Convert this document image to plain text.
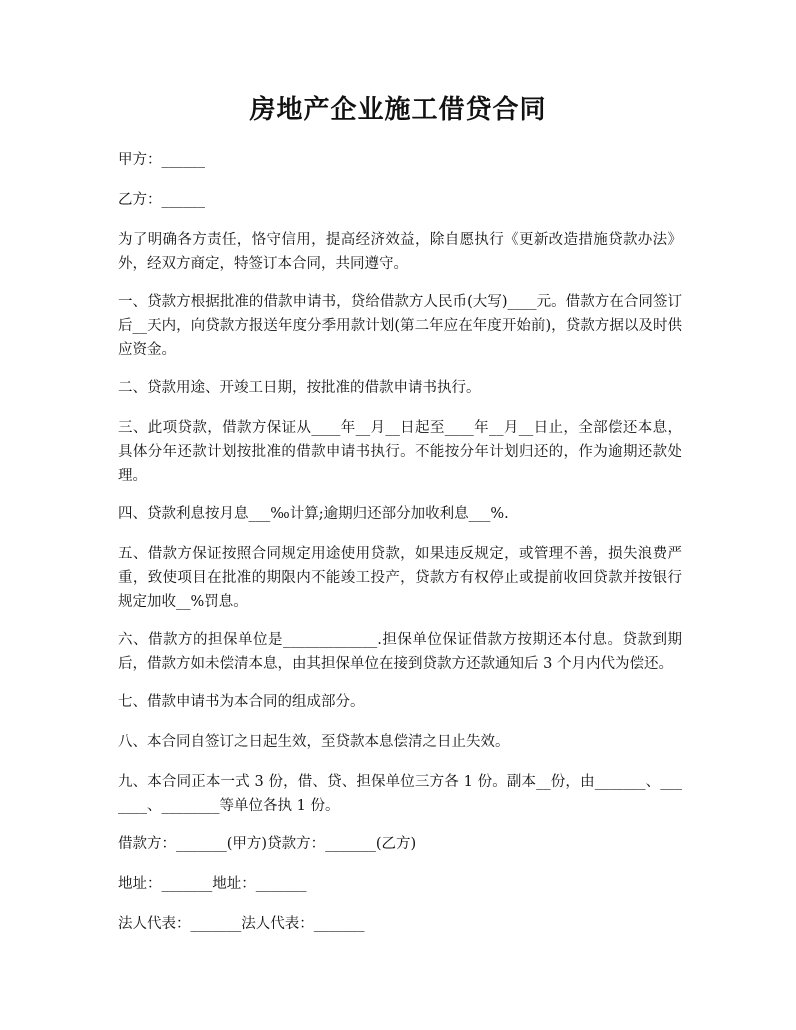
房地产企业施工借贷合同

甲方：______

乙方：______

为了明确各方责任，恪守信用，提高经济效益，除自愿执行《更新改造措施贷款办法》外，经双方商定，特签订本合同，共同遵守。

一、贷款方根据批准的借款申请书，贷给借款方人民币(大写)____元。借款方在合同签订后__天内，向贷款方报送年度分季用款计划(第二年应在年度开始前)，贷款方据以及时供应资金。

二、贷款用途、开竣工日期，按批准的借款申请书执行。

三、此项贷款，借款方保证从____年__月__日起至____年__月__日止，全部偿还本息，具体分年还款计划按批准的借款申请书执行。不能按分年计划归还的，作为逾期还款处理。

四、贷款利息按月息___‰计算;逾期归还部分加收利息___%.

五、借款方保证按照合同规定用途使用贷款，如果违反规定，或管理不善，损失浪费严重，致使项目在批准的期限内不能竣工投产，贷款方有权停止或提前收回贷款并按银行规定加收__%罚息。

六、借款方的担保单位是_____________.担保单位保证借款方按期还本付息。贷款到期后，借款方如未偿清本息，由其担保单位在接到贷款方还款通知后 3 个月内代为偿还。

七、借款申请书为本合同的组成部分。

八、本合同自签订之日起生效，至贷款本息偿清之日止失效。

九、本合同正本一式 3 份，借、贷、担保单位三方各 1 份。副本__份，由_______、_______、________等单位各执 1 份。

借款方：_______(甲方)贷款方：_______(乙方)

地址：_______地址：_______

法人代表：_______法人代表：_______
